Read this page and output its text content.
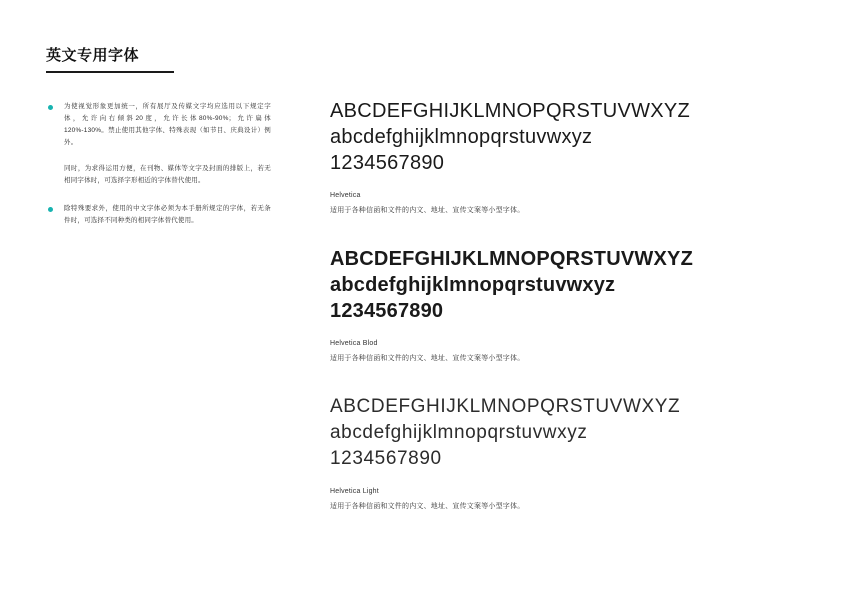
英文专用字体
为使视觉形象更加统一，所有展厅及传媒文字均应选用以下规定字体，允许向右倾斜20度，允许长体80%-90%；允许扁体120%-130%。禁止使用其他字体、特殊表现（如节目、庆典设计）例外。
同时，为求得运用方便，在刊物、媒体等文字及封面的排版上，若无相同字体时，可选择字形相近的字体替代使用。
除特殊要求外，使用的中文字体必须为本手册所规定的字体，若无条件时，可选择不同种类的相同字体替代使用。
ABCDEFGHIJKLMNOPQRSTUVWXYZ
abcdefghijklmnopqrstuvwxyz
1234567890
Helvetica
适用于各种信函和文件的内文、地址、宣传文案等小型字体。
ABCDEFGHIJKLMNOPQRSTUVWXYZ
abcdefghijklmnopqrstuvwxyz
1234567890
Helvetica Blod
适用于各种信函和文件的内文、地址、宣传文案等小型字体。
ABCDEFGHIJKLMNOPQRSTUVWXYZ
abcdefghijklmnopqrstuvwxyz
1234567890
Helvetica Light
适用于各种信函和文件的内文、地址、宣传文案等小型字体。
